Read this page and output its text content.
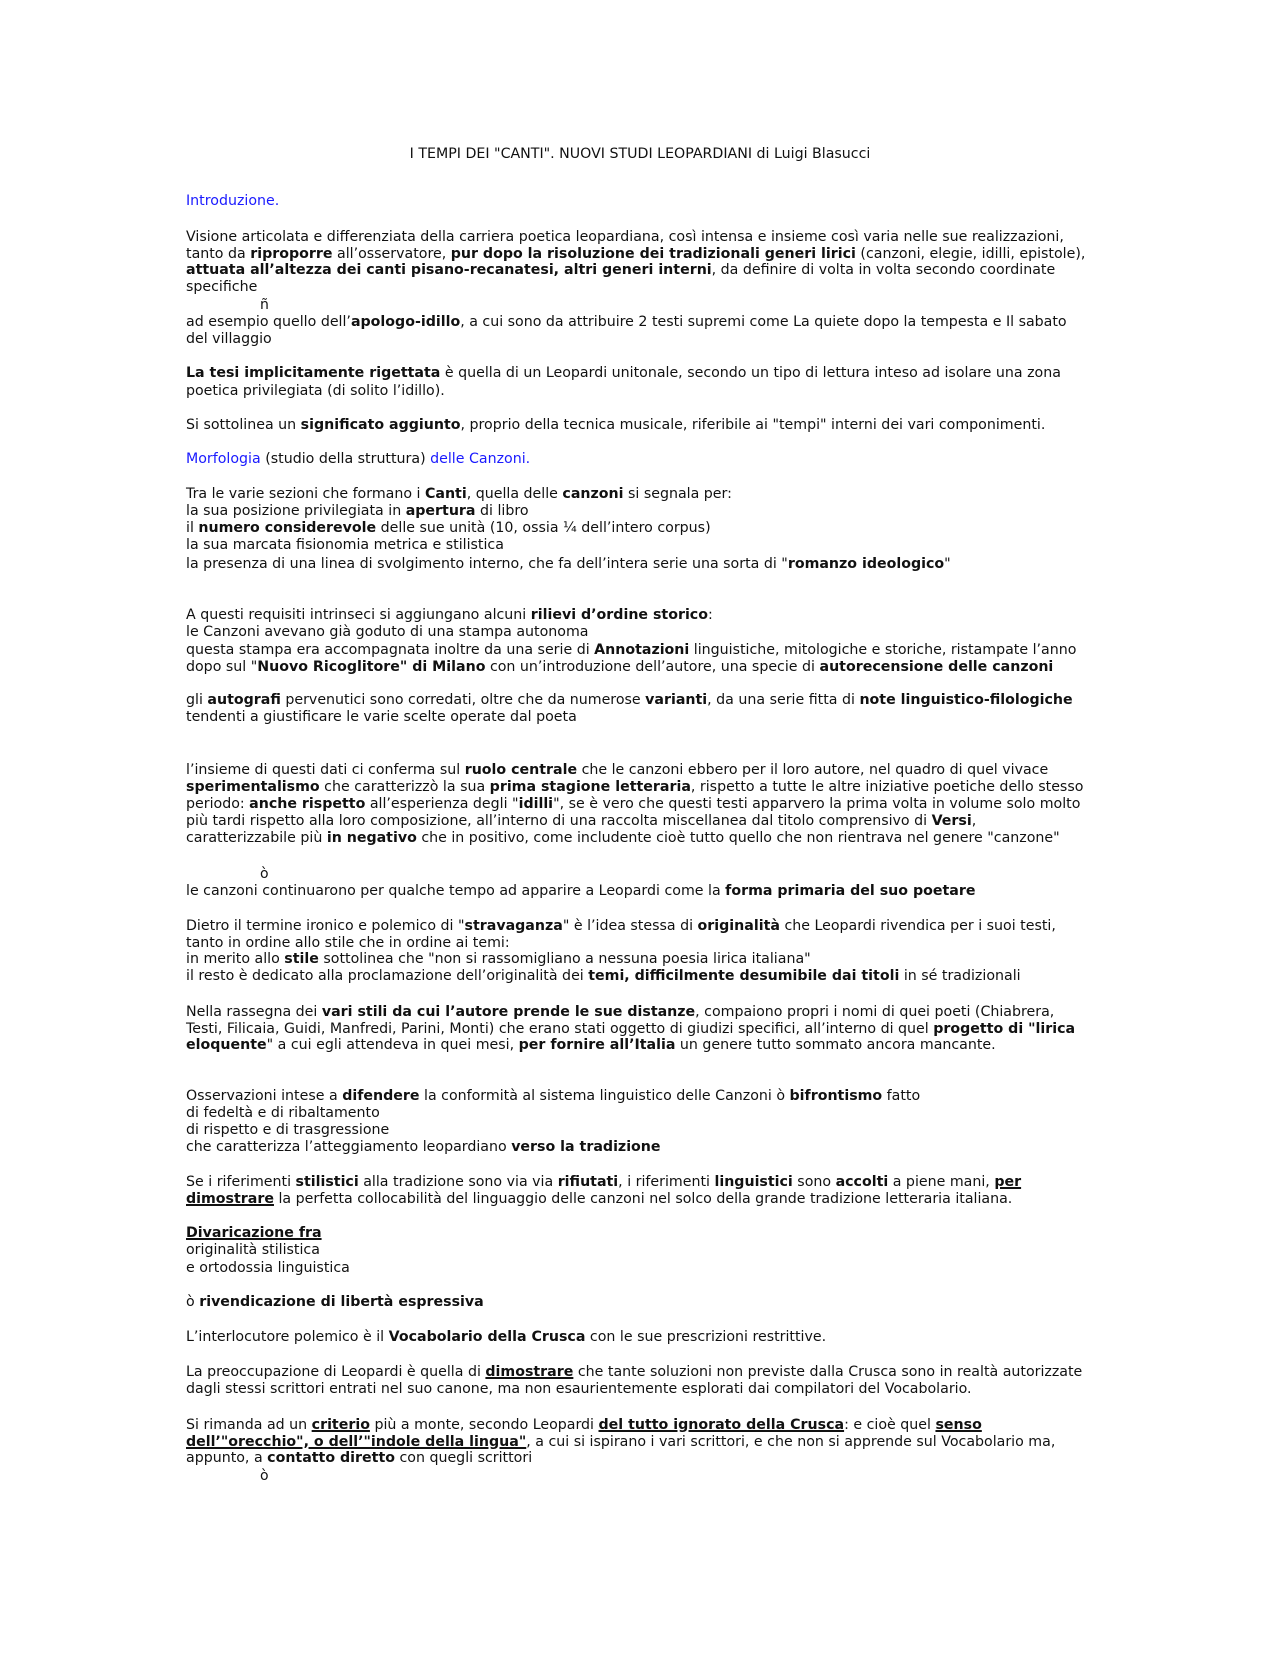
I TEMPI DEI "CANTI". NUOVI STUDI LEOPARDIANI di Luigi Blasucci
Introduzione.
Visione articolata e differenziata della carriera poetica leopardiana, così intensa e insieme così varia nelle sue realizzazioni, tanto da riproporre all’osservatore, pur dopo la risoluzione dei tradizionali generi lirici (canzoni, elegie, idilli, epistole), attuata all’altezza dei canti pisano-recanatesi, altri generi interni, da definire di volta in volta secondo coordinate specifiche
ñ
ad esempio quello dell’apologo-idillo, a cui sono da attribuire 2 testi supremi come La quiete dopo la tempesta e Il sabato del villaggio
La tesi implicitamente rigettata è quella di un Leopardi unitonale, secondo un tipo di lettura inteso ad isolare una zona poetica privilegiata (di solito l’idillo).
Si sottolinea un significato aggiunto, proprio della tecnica musicale, riferibile ai "tempi" interni dei vari componimenti.
Morfologia (studio della struttura) delle Canzoni.
Tra le varie sezioni che formano i Canti, quella delle canzoni si segnala per:
la sua posizione privilegiata in apertura di libro
il numero considerevole delle sue unità (10, ossia ¼ dell’intero corpus)
la sua marcata fisionomia metrica e stilistica
la presenza di una linea di svolgimento interno, che fa dell’intera serie una sorta di "romanzo ideologico"
A questi requisiti intrinseci si aggiungano alcuni rilievi d’ordine storico:
le Canzoni avevano già goduto di una stampa autonoma
questa stampa era accompagnata inoltre da una serie di Annotazioni linguistiche, mitologiche e storiche, ristampate l’anno dopo sul "Nuovo Ricoglitore" di Milano con un’introduzione dell’autore, una specie di autorecensione delle canzoni
gli autografi pervenutici sono corredati, oltre che da numerose varianti, da una serie fitta di note linguistico-filologiche tendenti a giustificare le varie scelte operate dal poeta
l’insieme di questi dati ci conferma sul ruolo centrale che le canzoni ebbero per il loro autore, nel quadro di quel vivace sperimentalismo che caratterizzò la sua prima stagione letteraria, rispetto a tutte le altre iniziative poetiche dello stesso periodo: anche rispetto all’esperienza degli "idilli", se è vero che questi testi apparvero la prima volta in volume solo molto più tardi rispetto alla loro composizione, all’interno di una raccolta miscellanea dal titolo comprensivo di Versi, caratterizzabile più in negativo che in positivo, come includente cioè tutto quello che non rientrava nel genere "canzone"
ò
le canzoni continuarono per qualche tempo ad apparire a Leopardi come la forma primaria del suo poetare
Dietro il termine ironico e polemico di "stravaganza" è l’idea stessa di originalità che Leopardi rivendica per i suoi testi, tanto in ordine allo stile che in ordine ai temi:
in merito allo stile sottolinea che "non si rassomigliano a nessuna poesia lirica italiana"
il resto è dedicato alla proclamazione dell’originalità dei temi, difficilmente desumibile dai titoli in sé tradizionali
Nella rassegna dei vari stili da cui l’autore prende le sue distanze, compaiono propri i nomi di quei poeti (Chiabrera, Testi, Filicaia, Guidi, Manfredi, Parini, Monti) che erano stati oggetto di giudizi specifici, all’interno di quel progetto di "lirica eloquente" a cui egli attendeva in quei mesi, per fornire all’Italia un genere tutto sommato ancora mancante.
Osservazioni intese a difendere la conformità al sistema linguistico delle Canzoni ò bifrontismo fatto
di fedeltà e di ribaltamento
di rispetto e di trasgressione
che caratterizza l’atteggiamento leopardiano verso la tradizione
Se i riferimenti stilistici alla tradizione sono via via rifiutati, i riferimenti linguistici sono accolti a piene mani, per dimostrare la perfetta collocabilità del linguaggio delle canzoni nel solco della grande tradizione letteraria italiana.
Divaricazione fra
originalità stilistica
e ortodossia linguistica
ò rivendicazione di libertà espressiva
L’interlocutore polemico è il Vocabolario della Crusca con le sue prescrizioni restrittive.
La preoccupazione di Leopardi è quella di dimostrare che tante soluzioni non previste dalla Crusca sono in realtà autorizzate dagli stessi scrittori entrati nel suo canone, ma non esaurientemente esplorati dai compilatori del Vocabolario.
Si rimanda ad un criterio più a monte, secondo Leopardi del tutto ignorato della Crusca: e cioè quel senso dell’"orecchio", o dell’"indole della lingua", a cui si ispirano i vari scrittori, e che non si apprende sul Vocabolario ma, appunto, a contatto diretto con quegli scrittori
ò
